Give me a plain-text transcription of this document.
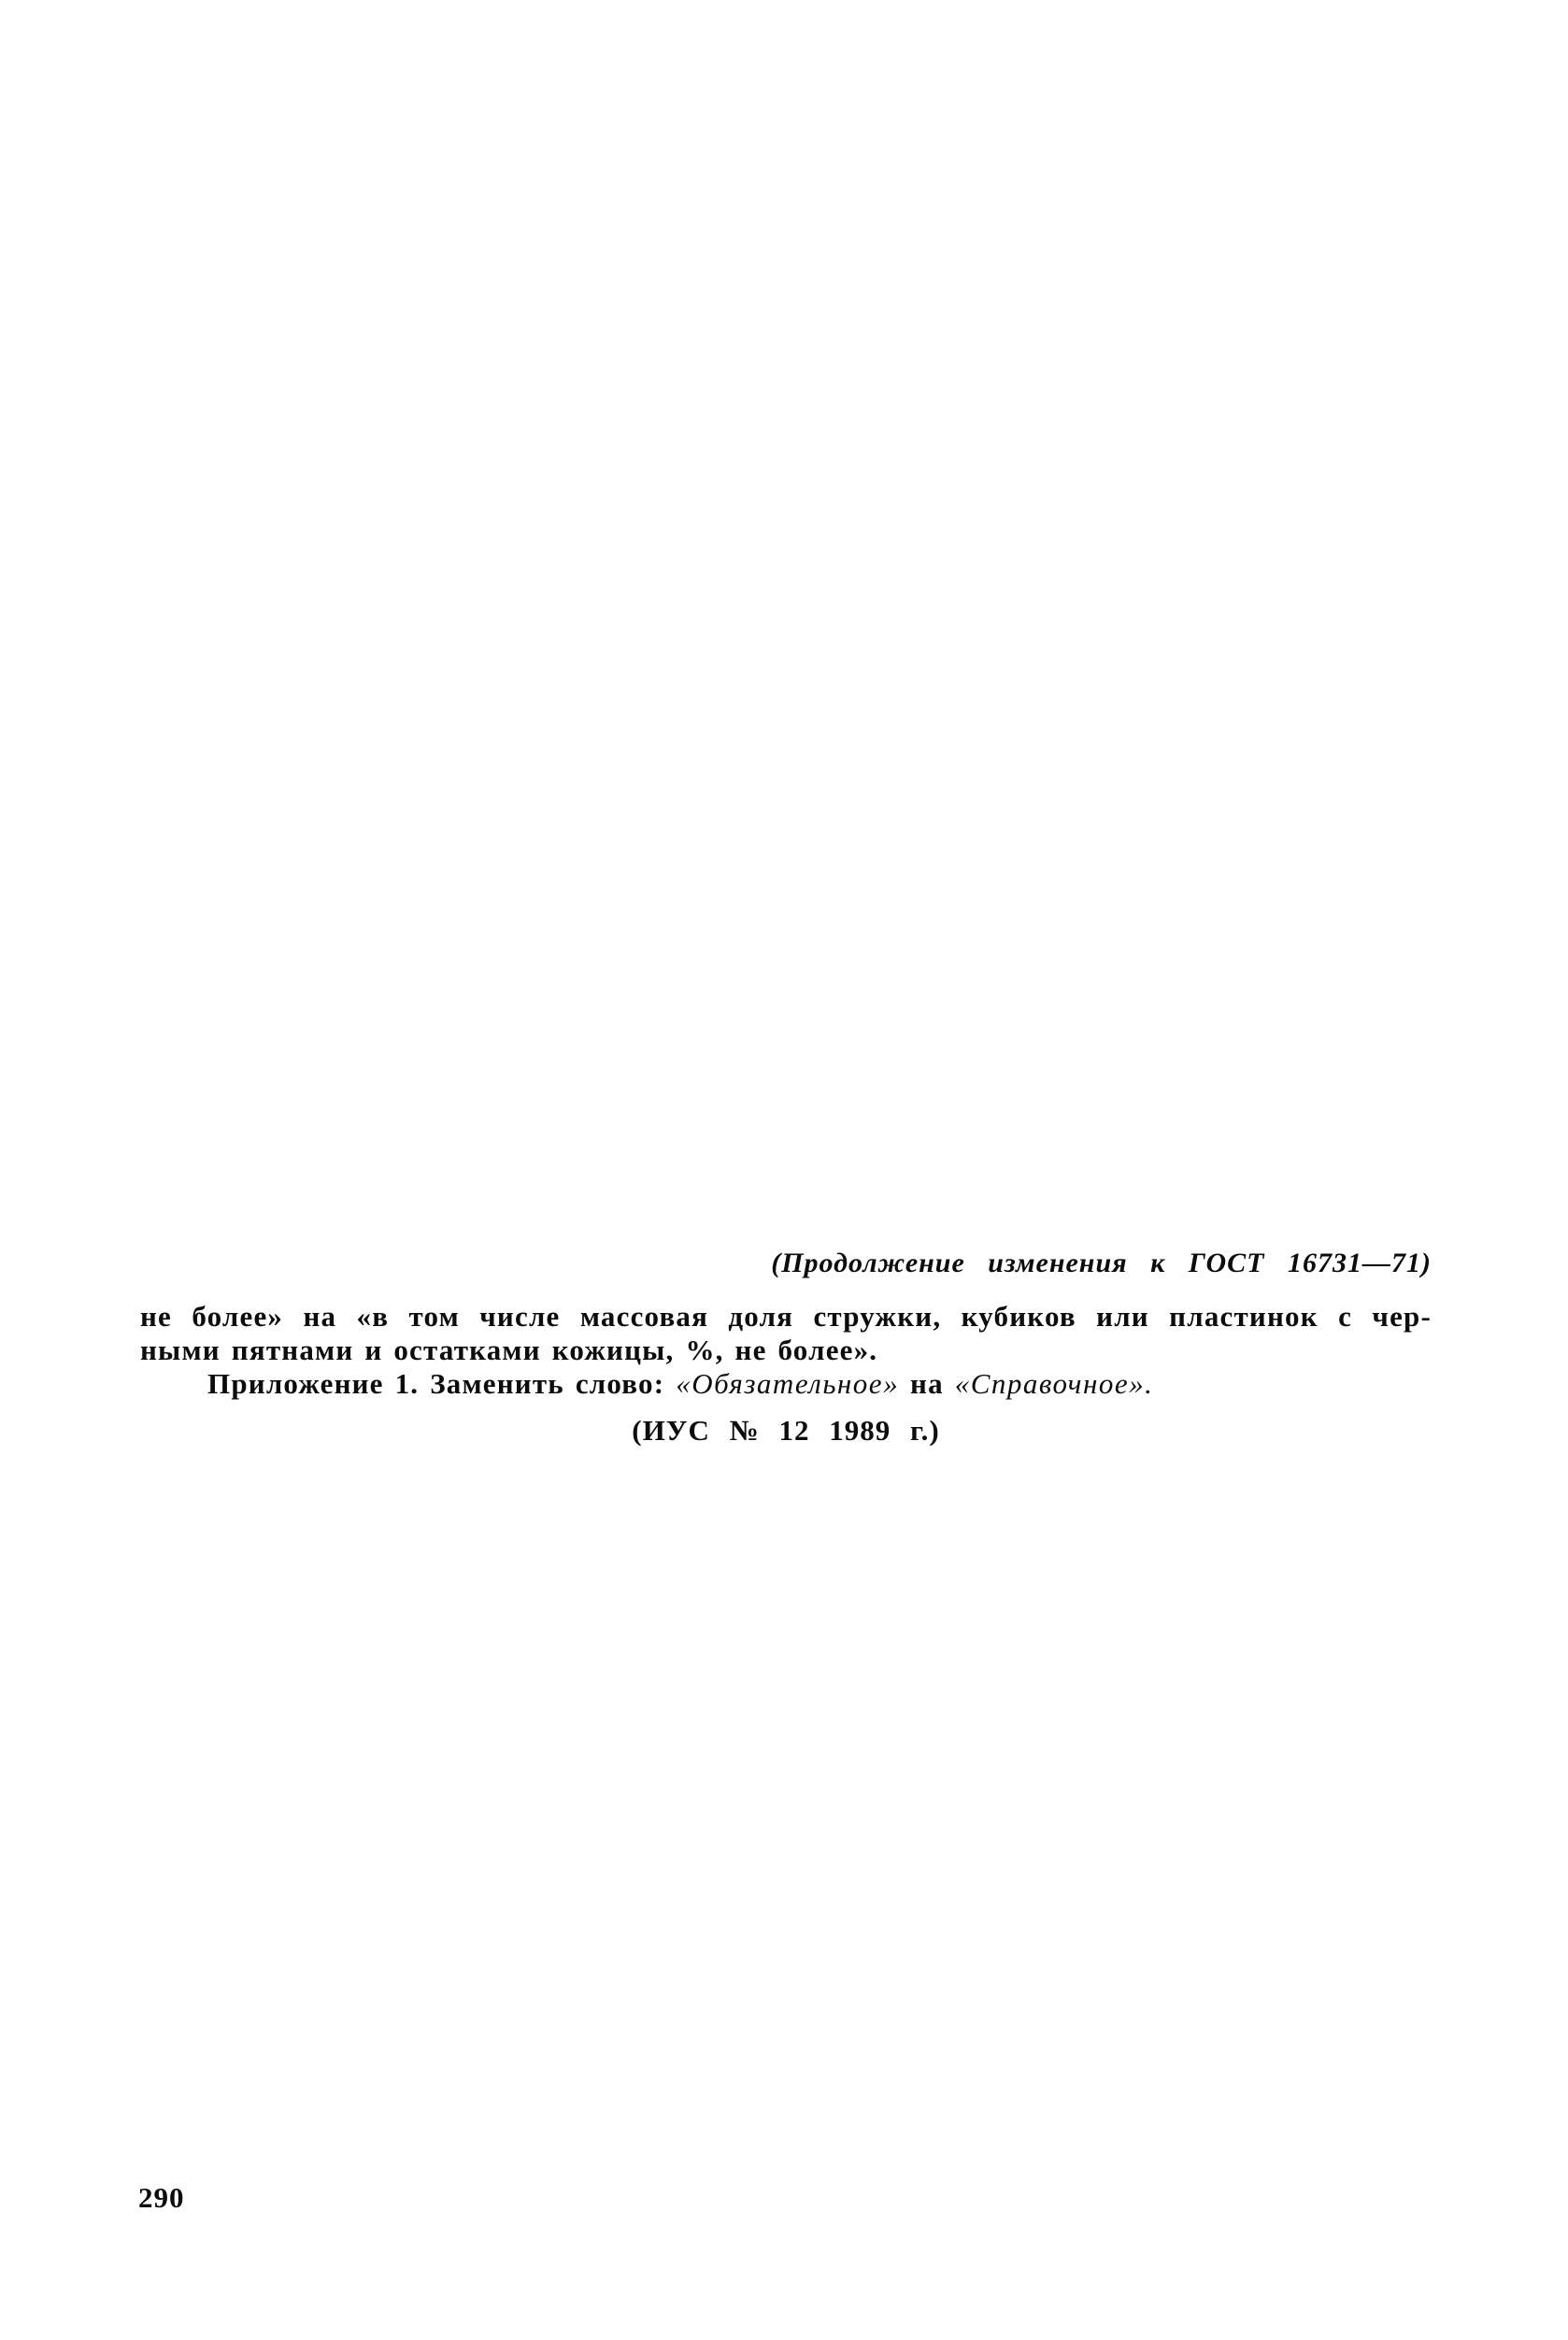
(Продолжение изменения к ГОСТ 16731—71)
не более» на «в том числе массовая доля стружки, кубиков или пластинок с чер-
ными пятнами и остатками кожицы, %, не более».
Приложение 1. Заменить слово: «Обязательное» на «Справочное».
(ИУС № 12 1989 г.)
290
